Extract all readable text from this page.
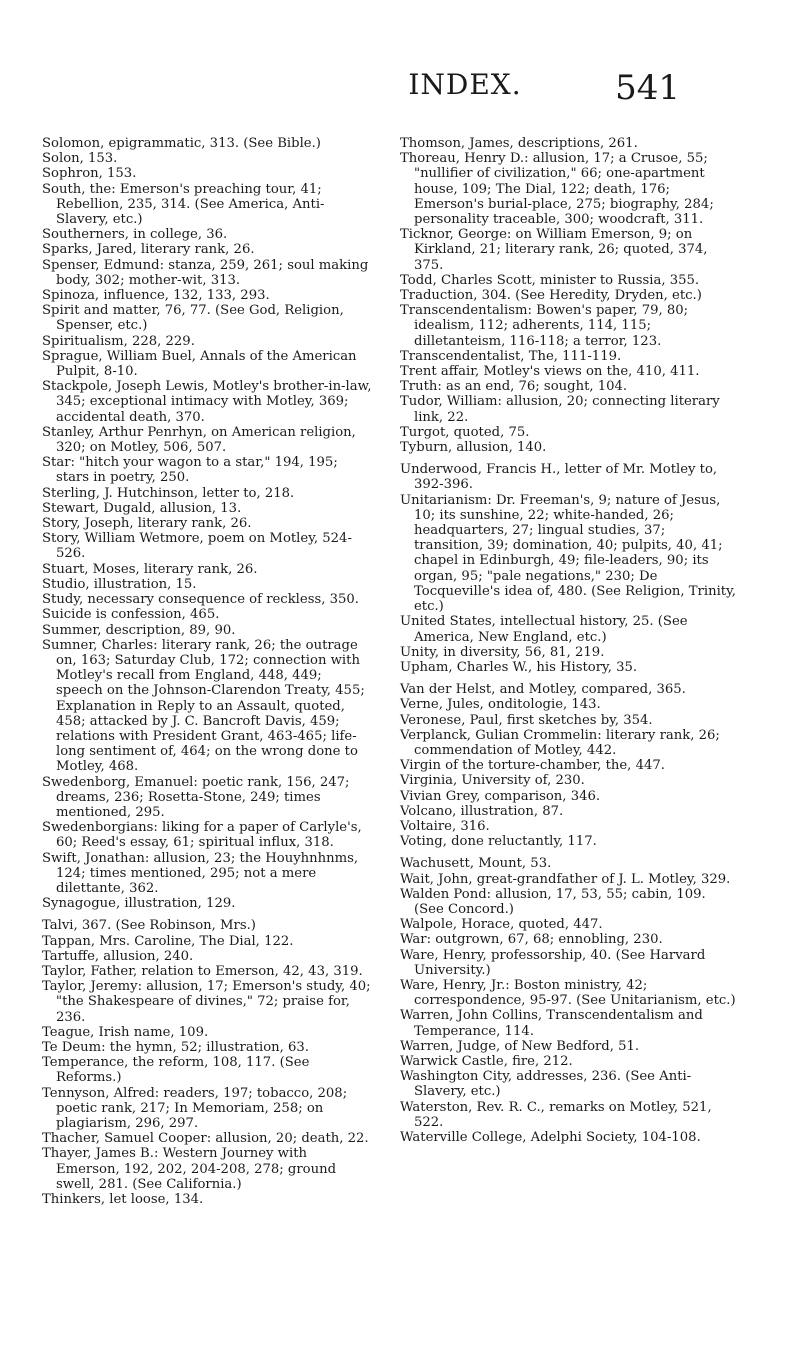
INDEX.	541

Solomon, epigrammatic, 313. (See Bible.)

Solon, 153.

Sophron, 153.

South, the: Emerson's preaching tour, 41; Rebellion, 235, 314. (See America, Anti-Slavery, etc.)

Southerners, in college, 36.

Sparks, Jared, literary rank, 26.

Spenser, Edmund: stanza, 259, 261; soul making body, 302; mother-wit, 313.

Spinoza, influence, 132, 133, 293.

Spirit and matter, 76, 77. (See God, Religion, Spenser, etc.)

Spiritualism, 228, 229.

Sprague, William Buel, Annals of the American Pulpit, 8-10.

Stackpole, Joseph Lewis, Motley's brother-in-law, 345; exceptional intimacy with Motley, 369; accidental death, 370.

Stanley, Arthur Penrhyn, on American religion, 320; on Motley, 506, 507.

Star: "hitch your wagon to a star," 194, 195; stars in poetry, 250.

Sterling, J. Hutchinson, letter to, 218.

Stewart, Dugald, allusion, 13.

Story, Joseph, literary rank, 26.

Story, William Wetmore, poem on Motley, 524-526.

Stuart, Moses, literary rank, 26.

Studio, illustration, 15.

Study, necessary consequence of reckless, 350.

Suicide is confession, 465.

Summer, description, 89, 90.

Sumner, Charles: literary rank, 26; the outrage on, 163; Saturday Club, 172; connection with Motley's recall from England, 448, 449; speech on the Johnson-Clarendon Treaty, 455; Explanation in Reply to an Assault, quoted, 458; attacked by J. C. Bancroft Davis, 459; relations with President Grant, 463-465; life-long sentiment of, 464; on the wrong done to Motley, 468.

Swedenborg, Emanuel: poetic rank, 156, 247; dreams, 236; Rosetta-Stone, 249; times mentioned, 295.

Swedenborgians: liking for a paper of Carlyle's, 60; Reed's essay, 61; spiritual influx, 318.

Swift, Jonathan: allusion, 23; the Houyhnhnms, 124; times mentioned, 295; not a mere dilettante, 362.

Synagogue, illustration, 129.

Talvi, 367. (See Robinson, Mrs.)

Tappan, Mrs. Caroline, The Dial, 122.

Tartuffe, allusion, 240.

Taylor, Father, relation to Emerson, 42, 43, 319.

Taylor, Jeremy: allusion, 17; Emerson's study, 40; "the Shakespeare of divines," 72; praise for, 236.

Teague, Irish name, 109.

Te Deum: the hymn, 52; illustration, 63.

Temperance, the reform, 108, 117. (See Reforms.)

Tennyson, Alfred: readers, 197; tobacco, 208; poetic rank, 217; In Memoriam, 258; on plagiarism, 296, 297.

Thacher, Samuel Cooper: allusion, 20; death, 22.

Thayer, James B.: Western Journey with Emerson, 192, 202, 204-208, 278; ground swell, 281. (See California.)

Thinkers, let loose, 134.

Thomson, James, descriptions, 261.

Thoreau, Henry D.: allusion, 17; a Crusoe, 55; "nullifier of civilization," 66; one-apartment house, 109; The Dial, 122; death, 176; Emerson's burial-place, 275; biography, 284; personality traceable, 300; woodcraft, 311.

Ticknor, George: on William Emerson, 9; on Kirkland, 21; literary rank, 26; quoted, 374, 375.

Todd, Charles Scott, minister to Russia, 355.

Traduction, 304. (See Heredity, Dryden, etc.)

Transcendentalism: Bowen's paper, 79, 80; idealism, 112; adherents, 114, 115; dilletanteism, 116-118; a terror, 123.

Transcendentalist, The, 111-119.

Trent affair, Motley's views on the, 410, 411.

Truth: as an end, 76; sought, 104.

Tudor, William: allusion, 20; connecting literary link, 22.

Turgot, quoted, 75.

Tyburn, allusion, 140.

Underwood, Francis H., letter of Mr. Motley to, 392-396.

Unitarianism: Dr. Freeman's, 9; nature of Jesus, 10; its sunshine, 22; white-handed, 26; headquarters, 27; lingual studies, 37; transition, 39; domination, 40; pulpits, 40, 41; chapel in Edinburgh, 49; file-leaders, 90; its organ, 95; "pale negations," 230; De Tocqueville's idea of, 480. (See Religion, Trinity, etc.)

United States, intellectual history, 25. (See America, New England, etc.)

Unity, in diversity, 56, 81, 219.

Upham, Charles W., his History, 35.

Van der Helst, and Motley, compared, 365.

Verne, Jules, onditologie, 143.

Veronese, Paul, first sketches by, 354.

Verplanck, Gulian Crommelin: literary rank, 26; commendation of Motley, 442.

Virgin of the torture-chamber, the, 447.

Virginia, University of, 230.

Vivian Grey, comparison, 346.

Volcano, illustration, 87.

Voltaire, 316.

Voting, done reluctantly, 117.

Wachusett, Mount, 53.

Wait, John, great-grandfather of J. L. Motley, 329.

Walden Pond: allusion, 17, 53, 55; cabin, 109. (See Concord.)

Walpole, Horace, quoted, 447.

War: outgrown, 67, 68; ennobling, 230.

Ware, Henry, professorship, 40. (See Harvard University.)

Ware, Henry, Jr.: Boston ministry, 42; correspondence, 95-97. (See Unitarianism, etc.)

Warren, John Collins, Transcendentalism and Temperance, 114.

Warren, Judge, of New Bedford, 51.

Warwick Castle, fire, 212.

Washington City, addresses, 236. (See Anti-Slavery, etc.)

Waterston, Rev. R. C., remarks on Motley, 521, 522.

Waterville College, Adelphi Society, 104-108.
